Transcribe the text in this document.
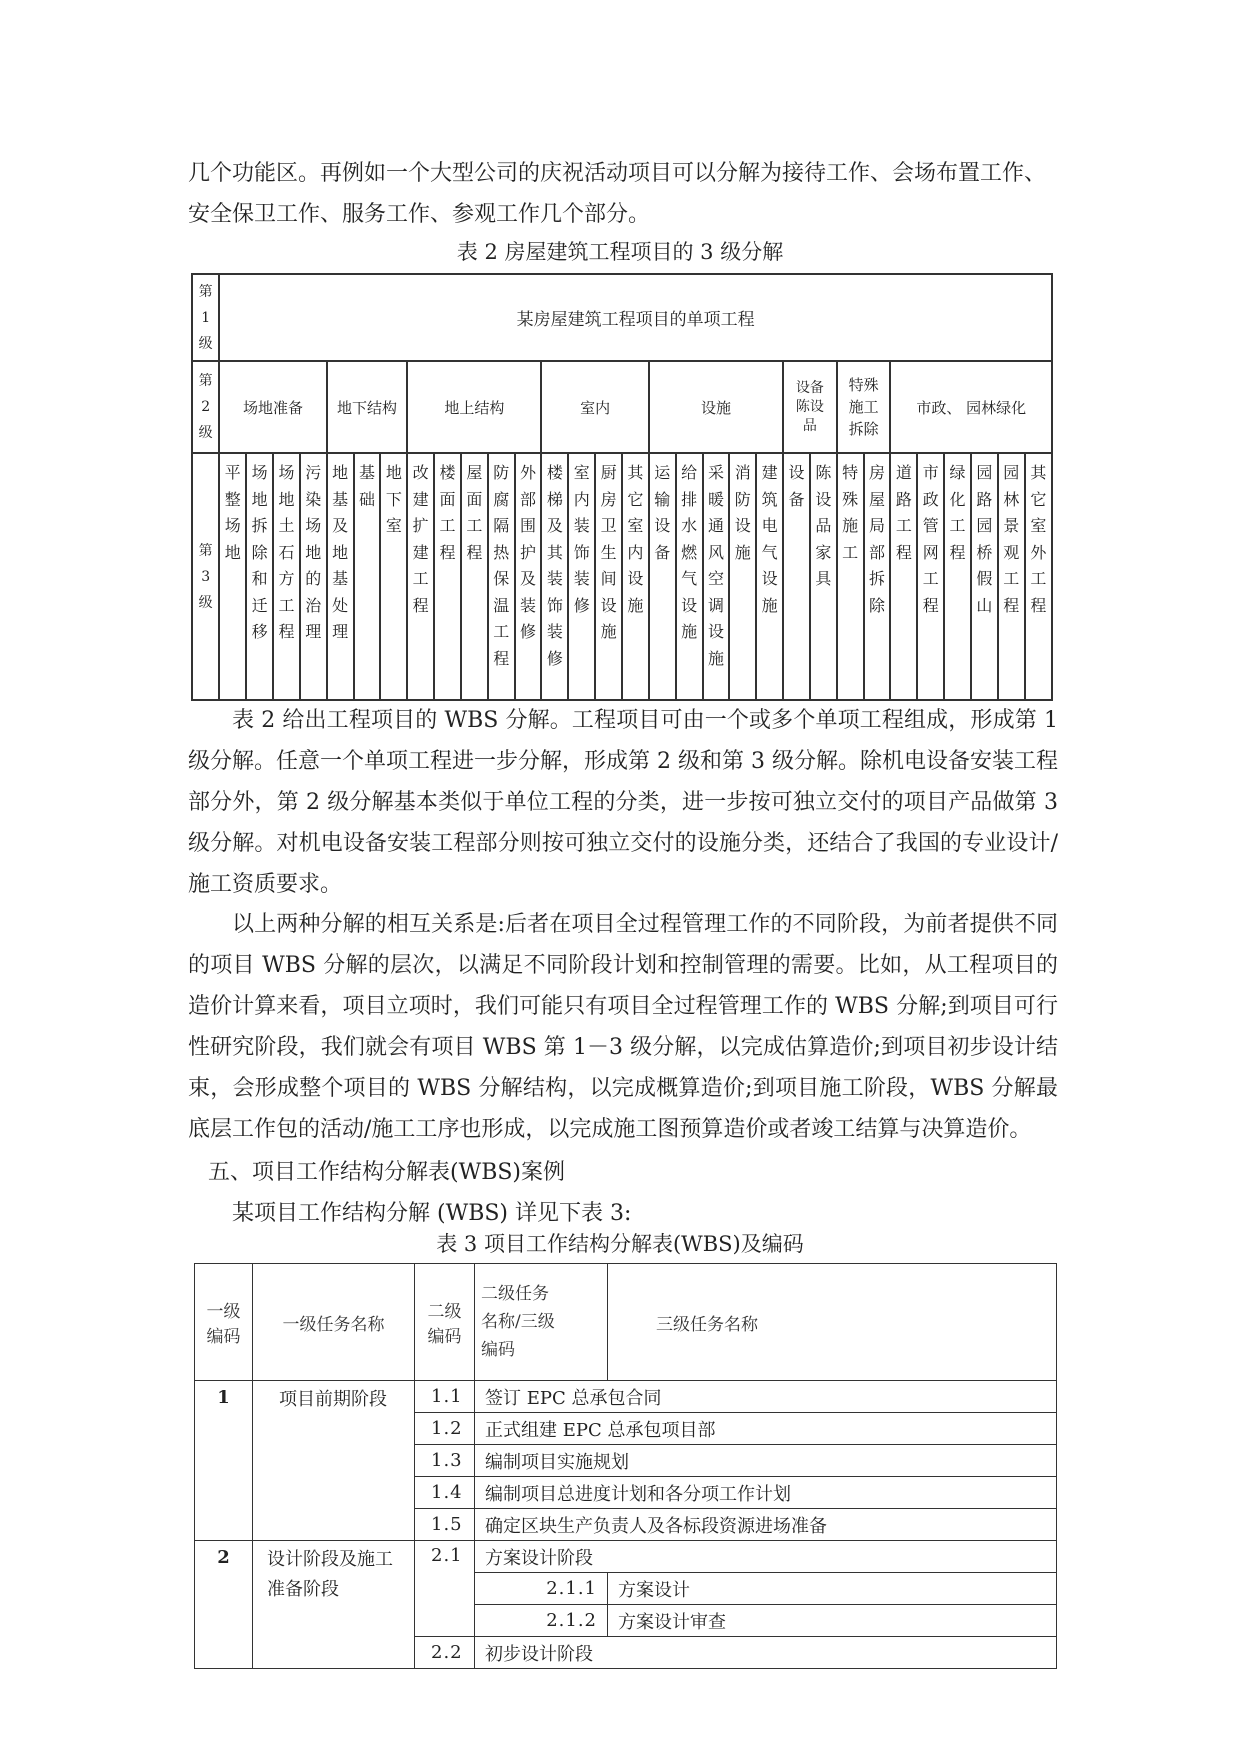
几个功能区。再例如一个大型公司的庆祝活动项目可以分解为接待工作、会场布置工作、
安全保卫工作、服务工作、参观工作几个部分。
表 2 房屋建筑工程项目的 3 级分解
第1级	某房屋建筑工程项目的单项工程																														
第2级	场地准备				地下结构			地上结构					室内				设施					设备陈设品		特殊施工拆除		市政、 园林绿化					
第3级	平整场地	场地拆除和迁移	场地土石方工程	污染场地的治理	地基及地基处理	基础	地下室	改建扩建工程	楼面工程	屋面工程	防腐隔热保温工程	外部围护及装修	楼梯及其装饰装修	室内装饰装修	厨房卫生间设施	其它室内设施	运输设备	给排水燃气设施	采暖通风空调设施	消防设施	建筑电气设施	设备	陈设品家具	特殊施工	房屋局部拆除	道路工程	市政管网工程	绿化工程	园路园桥假山	园林景观工程	其它室外工程
表 2 给出工程项目的 WBS 分解。工程项目可由一个或多个单项工程组成，形成第 1 级分解。任意一个单项工程进一步分解，形成第 2 级和第 3 级分解。除机电设备安装工程部分外，第 2 级分解基本类似于单位工程的分类，进一步按可独立交付的项目产品做第 3 级分解。对机电设备安装工程部分则按可独立交付的设施分类，还结合了我国的专业设计/施工资质要求。
以上两种分解的相互关系是:后者在项目全过程管理工作的不同阶段，为前者提供不同的项目 WBS 分解的层次，以满足不同阶段计划和控制管理的需要。比如，从工程项目的造价计算来看，项目立项时，我们可能只有项目全过程管理工作的 WBS 分解;到项目可行性研究阶段，我们就会有项目 WBS 第 1－3 级分解，以完成估算造价;到项目初步设计结束，会形成整个项目的 WBS 分解结构，以完成概算造价;到项目施工阶段，WBS 分解最底层工作包的活动/施工工序也形成，以完成施工图预算造价或者竣工结算与决算造价。
五、项目工作结构分解表(WBS)案例
某项目工作结构分解 (WBS) 详见下表 3:
表 3 项目工作结构分解表(WBS)及编码
一级编码	一级任务名称	二级编码	二级任务名称/三级编码	三级任务名称
1	项目前期阶段	1.1	签订 EPC 总承包合同	
		1.2	正式组建 EPC 总承包项目部	
		1.3	编制项目实施规划	
		1.4	编制项目总进度计划和各分项工作计划	
		1.5	确定区块生产负责人及各标段资源进场准备	
2	设计阶段及施工准备阶段	2.1	方案设计阶段	
			2.1.1	方案设计
			2.1.2	方案设计审查
		2.2	初步设计阶段	
